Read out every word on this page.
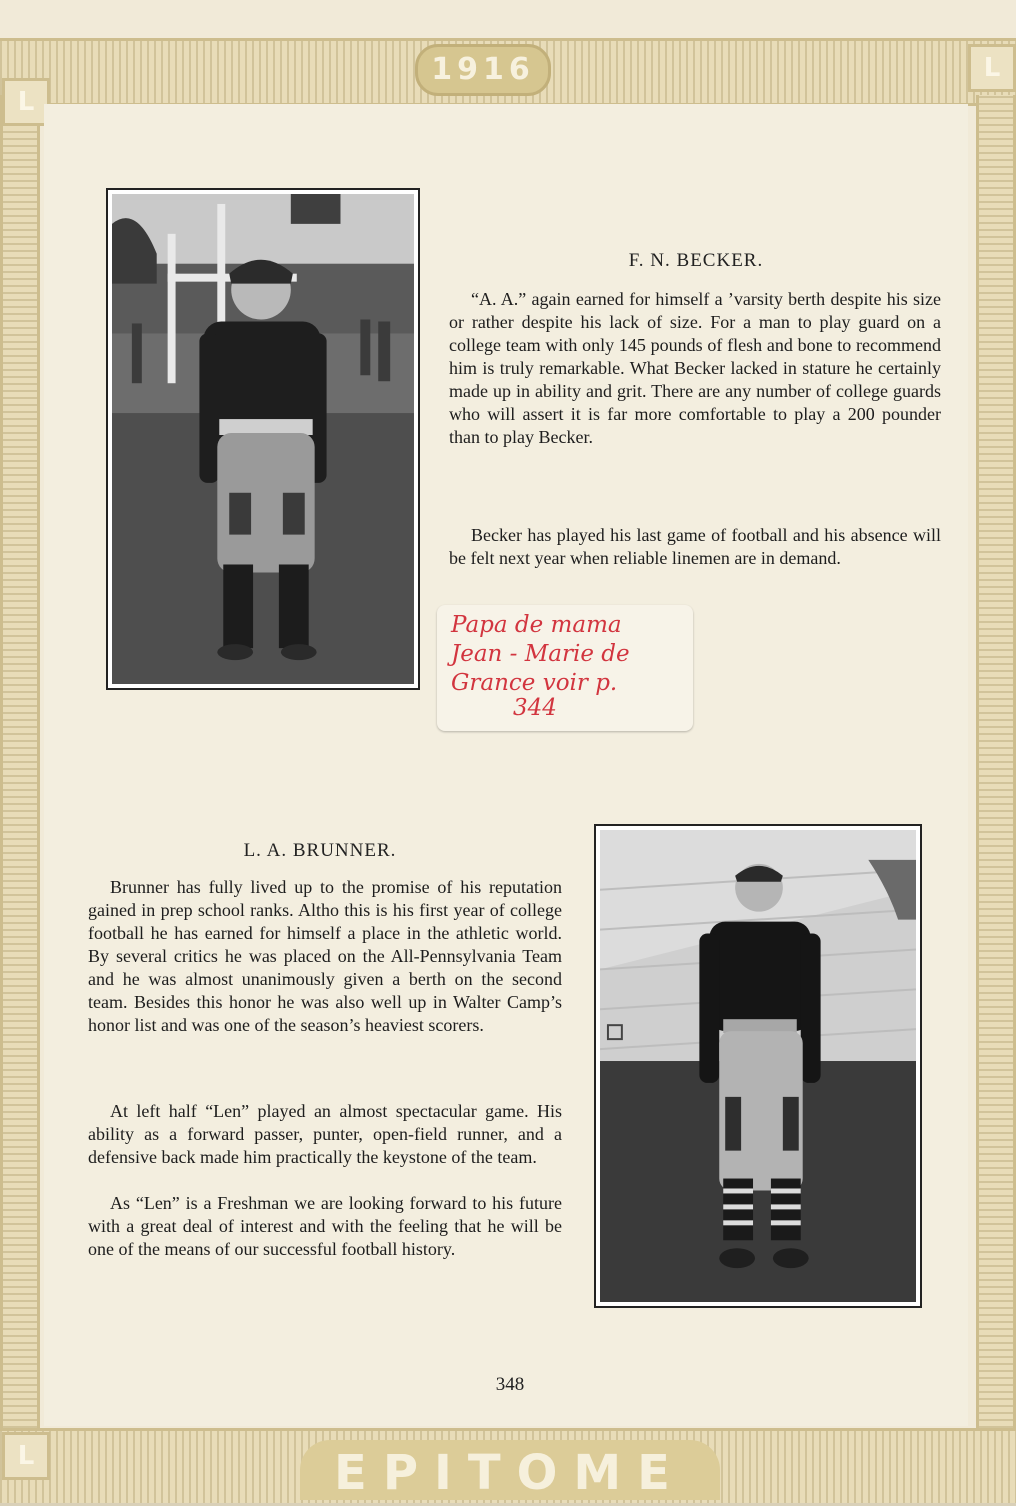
L
L
L
1916
EPITOME
F. N. BECKER.

“A. A.” again earned for himself a ’varsity berth despite his size or rather despite his lack of size. For a man to play guard on a college team with only 145 pounds of flesh and bone to recommend him is truly remarkable. What Becker lacked in stature he certainly made up in ability and grit. There are any number of college guards who will assert it is far more comfortable to play a 200 pounder than to play Becker.

Becker has played his last game of football and his absence will be felt next year when reliable linemen are in demand.

Papa de mama
Jean - Marie de
Grance voir p.
344
L. A. BRUNNER.

Brunner has fully lived up to the promise of his reputation gained in prep school ranks. Altho this is his first year of college football he has earned for himself a place in the athletic world. By several critics he was placed on the All-Pennsylvania Team and he was almost unanimously given a berth on the second team. Besides this honor he was also well up in Walter Camp’s honor list and was one of the season’s heaviest scorers.

At left half “Len” played an almost spectacular game. His ability as a forward passer, punter, open-field runner, and a defensive back made him practically the keystone of the team.

As “Len” is a Freshman we are looking forward to his future with a great deal of interest and with the feeling that he will be one of the means of our successful football history.

348
